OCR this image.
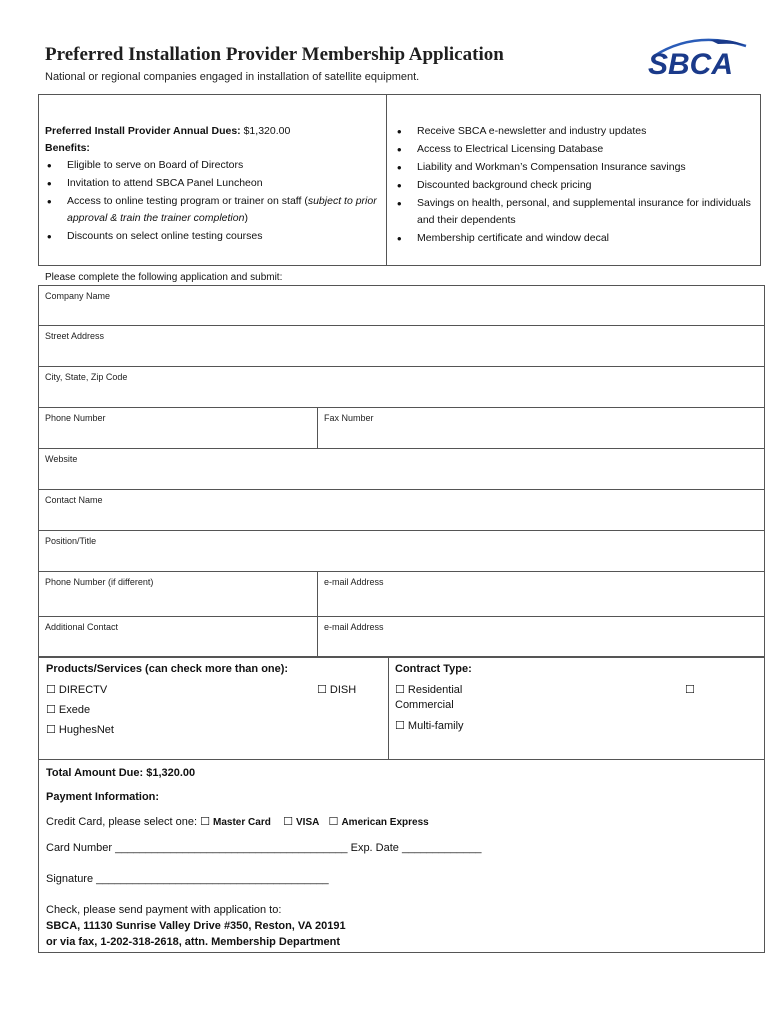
Preferred Installation Provider Membership Application
National or regional companies engaged in installation of satellite equipment.	SBCA
Preferred Install Provider Annual Dues: $1,320.00
Benefits:
• Eligible to serve on Board of Directors
• Invitation to attend SBCA Panel Luncheon
• Access to online testing program or trainer on staff (subject to prior approval & train the trainer completion)
• Discounts on select online testing courses
• Receive SBCA e-newsletter and industry updates
• Access to Electrical Licensing Database
• Liability and Workman’s Compensation Insurance savings
• Discounted background check pricing
• Savings on health, personal, and supplemental insurance for individuals and their dependents
• Membership certificate and window decal
Please complete the following application and submit:
Company Name
Street Address
City, State, Zip Code
Phone Number	Fax Number
Website
Contact Name
Position/Title
Phone Number (if different)	e-mail Address
Additional Contact	e-mail Address
Products/Services (can check more than one):
☐ DIRECTV	☐ DISH
☐ Exede
☐ HughesNet
Contract Type:
☐ Residential	☐
Commercial
☐ Multi-family
Total Amount Due: $1,320.00
Payment Information:
Credit Card, please select one: ☐ Master Card ☐ VISA ☐ American Express
Card Number ______________________________________ Exp. Date _____________
Signature ______________________________________
Check, please send payment with application to:
SBCA, 11130 Sunrise Valley Drive #350, Reston, VA 20191
or via fax, 1-202-318-2618, attn. Membership Department
